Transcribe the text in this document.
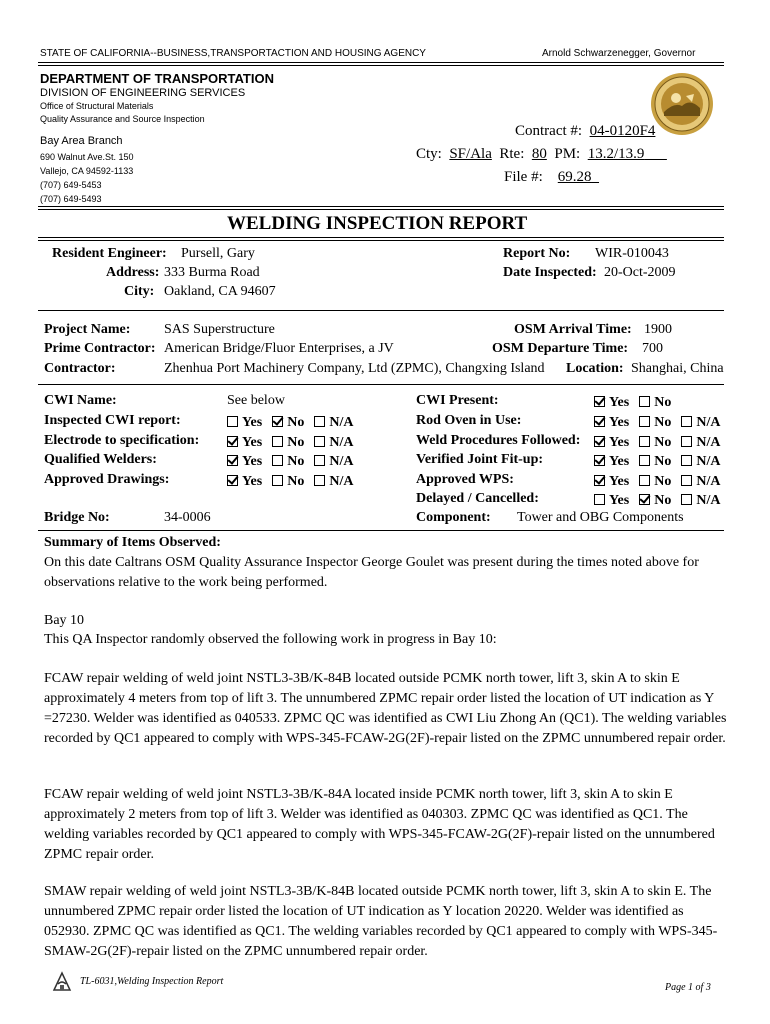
STATE OF CALIFORNIA--BUSINESS,TRANSPORTACTION AND HOUSING AGENCY	Arnold Schwarzenegger, Governor
DEPARTMENT OF TRANSPORTATION
DIVISION OF ENGINEERING SERVICES
Office of Structural Materials
Quality Assurance and Source Inspection
Bay Area Branch
690 Walnut Ave.St. 150
Vallejo, CA 94592-1133
(707) 649-5453
(707) 649-5493
Contract #: 04-0120F4
Cty: SF/Ala Rte: 80 PM: 13.2/13.9
File #: 69.28
WELDING INSPECTION REPORT
Resident Engineer: Pursell, Gary
Address: 333 Burma Road
City: Oakland, CA 94607
Report No: WIR-010043
Date Inspected: 20-Oct-2009
Project Name: SAS Superstructure
Prime Contractor: American Bridge/Fluor Enterprises, a JV
Contractor:	Zhenhua Port Machinery Company, Ltd (ZPMC), Changxing Island
OSM Arrival Time: 1900
OSM Departure Time: 700
Location: Shanghai, China
CWI Name:	See below
Inspected CWI report:	Yes No N/A
Electrode to specification:	Yes No N/A
Qualified Welders:	Yes No N/A
Approved Drawings:	Yes No N/A
CWI Present:	Yes No
Rod Oven in Use:	Yes No N/A
Weld Procedures Followed:	Yes No N/A
Verified Joint Fit-up:	Yes No N/A
Approved WPS:	Yes No N/A
Delayed / Cancelled:	Yes No N/A
Bridge No:	34-0006	Component: Tower and OBG Components
Summary of Items Observed:

On this date Caltrans OSM Quality Assurance Inspector George Goulet was present during the times noted above for observations relative to the work being performed.

Bay 10

This QA Inspector randomly observed the following work in progress in Bay 10:

FCAW repair welding of weld joint NSTL3-3B/K-84B located outside PCMK north tower, lift 3, skin A to skin E approximately 4 meters from top of lift 3. The unnumbered ZPMC repair order listed the location of UT indication as Y =27230. Welder was identified as 040533. ZPMC QC was identified as CWI Liu Zhong An (QC1). The welding variables recorded by QC1 appeared to comply with WPS-345-FCAW-2G(2F)-repair listed on the ZPMC unnumbered repair order.

FCAW repair welding of weld joint NSTL3-3B/K-84A located inside PCMK north tower, lift 3, skin A to skin E approximately 2 meters from top of lift 3. Welder was identified as 040303. ZPMC QC was identified as QC1. The welding variables recorded by QC1 appeared to comply with WPS-345-FCAW-2G(2F)-repair listed on the unnumbered ZPMC repair order.

SMAW repair welding of weld joint NSTL3-3B/K-84B located outside PCMK north tower, lift 3, skin A to skin E. The unnumbered ZPMC repair order listed the location of UT indication as Y location 20220. Welder was identified as 052930. ZPMC QC was identified as QC1. The welding variables recorded by QC1 appeared to comply with WPS-345-SMAW-2G(2F)-repair listed on the ZPMC unnumbered repair order.

TL-6031,Welding Inspection Report
Page 1 of 3
